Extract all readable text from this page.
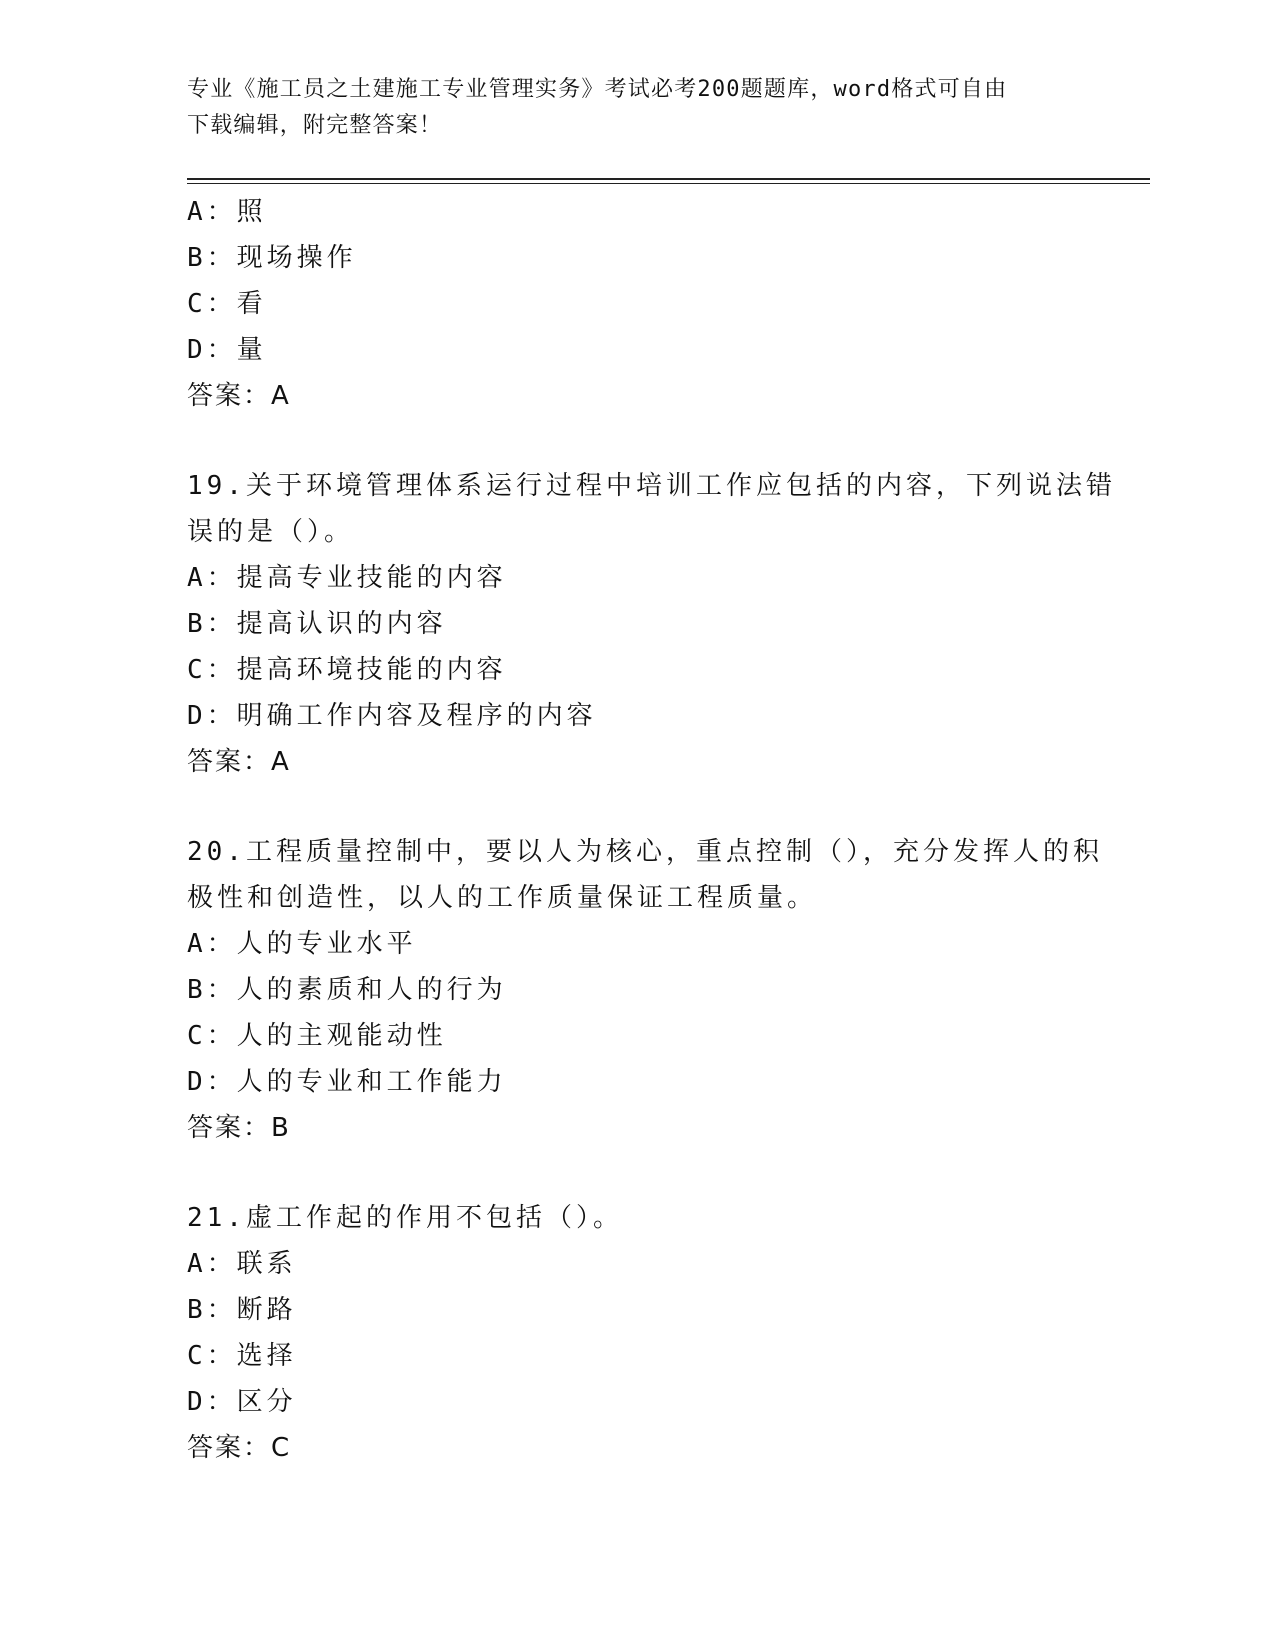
专业《施工员之土建施工专业管理实务》考试必考200题题库，word格式可自由
下载编辑，附完整答案！
A：照
B：现场操作
C：看
D：量
答案：A
19.关于环境管理体系运行过程中培训工作应包括的内容，下列说法错
误的是（）。
A：提高专业技能的内容
B：提高认识的内容
C：提高环境技能的内容
D：明确工作内容及程序的内容
答案：A
20.工程质量控制中，要以人为核心，重点控制（），充分发挥人的积
极性和创造性，以人的工作质量保证工程质量。
A：人的专业水平
B：人的素质和人的行为
C：人的主观能动性
D：人的专业和工作能力
答案：B
21.虚工作起的作用不包括（）。
A：联系
B：断路
C：选择
D：区分
答案：C
